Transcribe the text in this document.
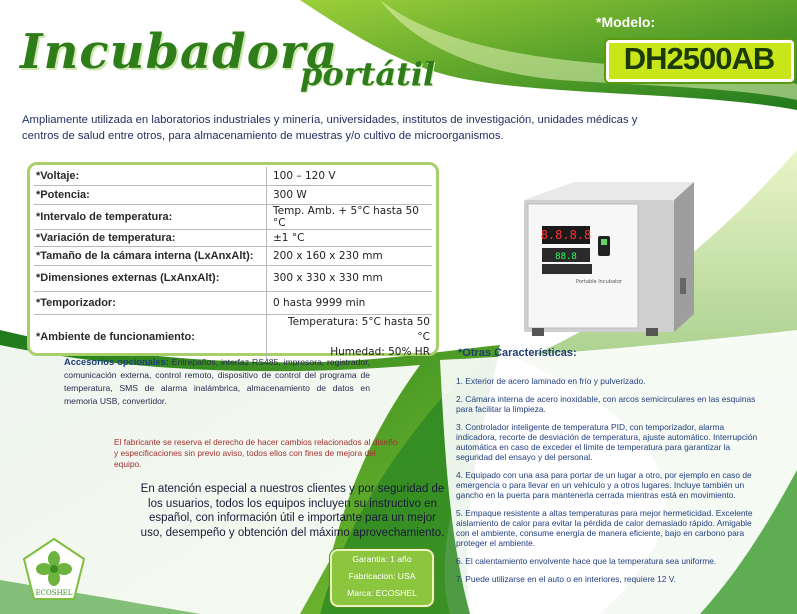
Incubadora
portátil
*Modelo:
DH2500AB
Ampliamente utilizada en laboratorios industriales y minería, universidades, institutos de investigación, unidades médicas y centros de salud entre otros, para almacenamiento de muestras y/o cultivo de microorganismos.
*Voltaje:	100 – 120 V
*Potencia:	300 W
*Intervalo de temperatura:	Temp. Amb. + 5°C hasta 50 °C
*Variación de temperatura:	±1 °C
*Tamaño de la cámara interna (LxAnxAlt):	200 x 160 x 230 mm
*Dimensiones externas (LxAnxAlt):	300 x 330 x 330 mm
*Temporizador:	0 hasta 9999 min
*Ambiente de funcionamiento:	Temperatura: 5°C hasta 50 °C
Humedad: 50% HR
8.8.8.8
88.8
Portable Incubator
Accesorios opcionales: Entrepaños, interfaz RS485, impresora, registrador, comunicación externa, control remoto, dispositivo de control del programa de temperatura, SMS de alarma inalámbrica, almacenamiento de datos en memoria USB, convertidor.
El fabricante se reserva el derecho de hacer cambios relacionados al diseño y especificaciones sin previo aviso, todos ellos con fines de mejora del equipo.
En atención especial a nuestros clientes y por seguridad de los usuarios, todos los equipos incluyen su instructivo en español, con información útil e importante para un mejor uso, desempeño y obtención del máximo aprovechamiento.
Garantia: 1 año
Fabricacion: USA
Marca: ECOSHEL
ECOSHEL
*Otras Características:
1. Exterior de acero laminado en frío y pulverizado.
2. Cámara interna de acero inoxidable, con arcos semicirculares en las esquinas para facilitar la limpieza.
3. Controlador inteligente de temperatura PID, con temporizador, alarma indicadora, recorte de desviación de temperatura, ajuste automático. Interrupción automática en caso de exceder el límite de temperatura para garantizar la seguridad del ensayo y del personal.
4. Equipado con una asa para portar de un lugar a otro, por ejemplo en caso de emergencia o para llevar en un vehículo y a otros lugares. Incluye también un gancho en la puerta para mantenerla cerrada mientras está en movimiento.
5. Empaque resistente a altas temperaturas para mejor hermeticidad. Excelente aislamiento de calor para evitar la pérdida de calor demasiado rápido. Amigable con el ambiente, consume energía de manera eficiente, bajo en carbono para proteger el ambiente.
6. El calentamiento envolvente hace que la temperatura sea uniforme.
7. Puede utilizarse en el auto o en interiores, requiere 12 V.
